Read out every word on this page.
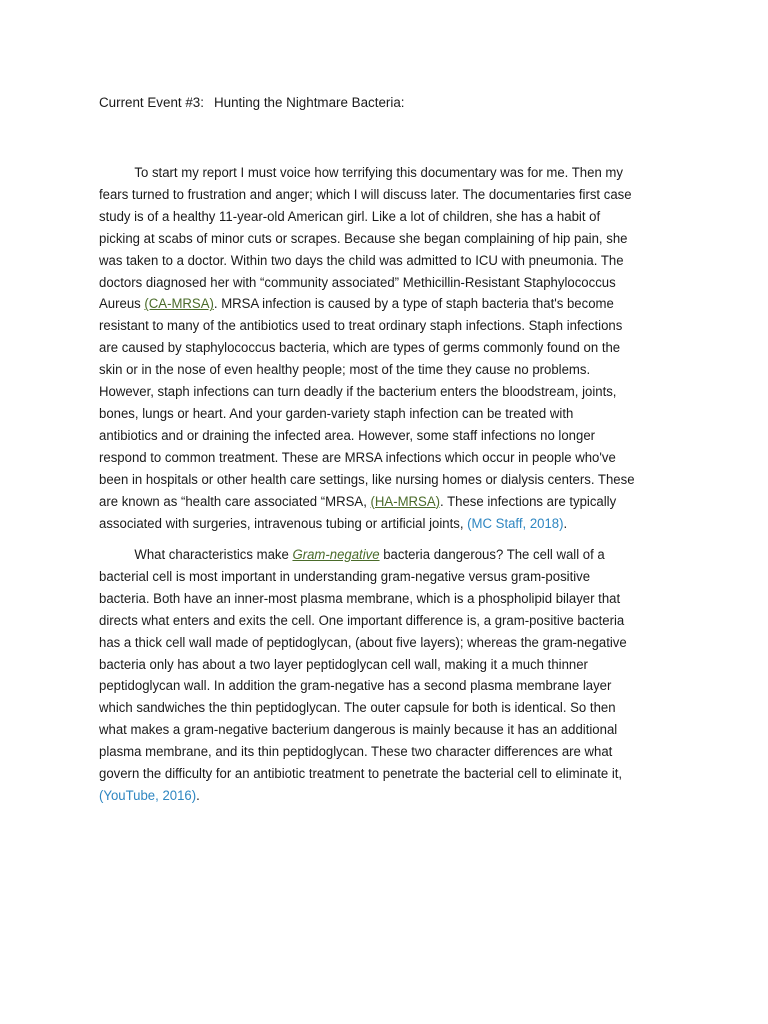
Current Event #3: Hunting the Nightmare Bacteria:
To start my report I must voice how terrifying this documentary was for me. Then my
fears turned to frustration and anger; which I will discuss later. The documentaries first case
study is of a healthy 11-year-old American girl. Like a lot of children, she has a habit of
picking at scabs of minor cuts or scrapes. Because she began complaining of hip pain, she
was taken to a doctor. Within two days the child was admitted to ICU with pneumonia. The
doctors diagnosed her with “community associated” Methicillin-Resistant Staphylococcus
Aureus (CA-MRSA). MRSA infection is caused by a type of staph bacteria that's become
resistant to many of the antibiotics used to treat ordinary staph infections. Staph infections
are caused by staphylococcus bacteria, which are types of germs commonly found on the
skin or in the nose of even healthy people; most of the time they cause no problems.
However, staph infections can turn deadly if the bacterium enters the bloodstream, joints,
bones, lungs or heart. And your garden-variety staph infection can be treated with
antibiotics and or draining the infected area. However, some staff infections no longer
respond to common treatment. These are MRSA infections which occur in people who've
been in hospitals or other health care settings, like nursing homes or dialysis centers. These
are known as “health care associated “MRSA, (HA-MRSA). These infections are typically
associated with surgeries, intravenous tubing or artificial joints, (MC Staff, 2018).
What characteristics make Gram-negative bacteria dangerous? The cell wall of a
bacterial cell is most important in understanding gram-negative versus gram-positive
bacteria. Both have an inner-most plasma membrane, which is a phospholipid bilayer that
directs what enters and exits the cell. One important difference is, a gram-positive bacteria
has a thick cell wall made of peptidoglycan, (about five layers); whereas the gram-negative
bacteria only has about a two layer peptidoglycan cell wall, making it a much thinner
peptidoglycan wall. In addition the gram-negative has a second plasma membrane layer
which sandwiches the thin peptidoglycan. The outer capsule for both is identical. So then
what makes a gram-negative bacterium dangerous is mainly because it has an additional
plasma membrane, and its thin peptidoglycan. These two character differences are what
govern the difficulty for an antibiotic treatment to penetrate the bacterial cell to eliminate it,
(YouTube, 2016).
